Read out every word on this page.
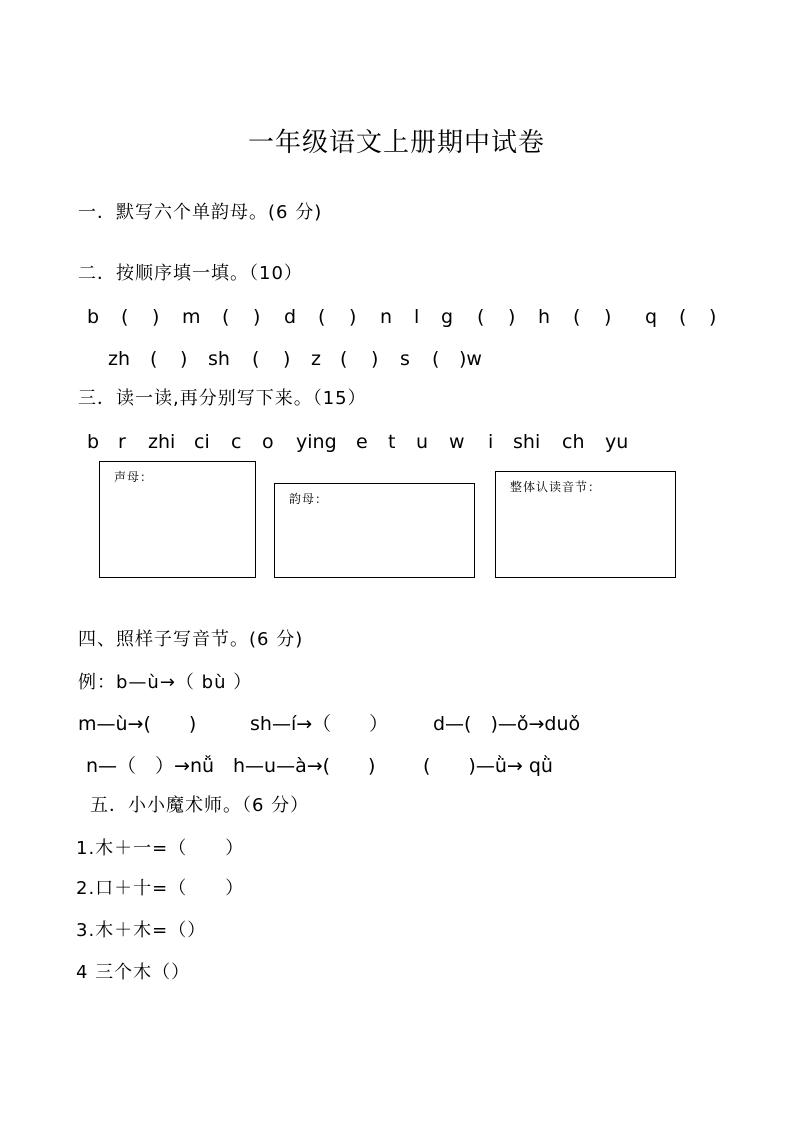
一年级语文上册期中试卷
一．默写六个单韵母。(6 分)
二．按顺序填一填。（10）
b ( ) m ( ) d ( ) n l g ( ) h ( ) q ( )
zh ( ) sh ( ) z ( ) s ( )w
三．读一读,再分别写下来。（15）
b r zhi ci c o ying e t u w i shi ch yu
声母：
韵母：
整体认读音节：
四、照样子写音节。(6 分)
例：b—ù→（ bù ）
m—ù→(　　)	sh—í→（　　） d—(　)—ǒ→duǒ
n—（　）→nǚ h—u—à→(　　)	(　　)—ǜ→ qǜ
五．小小魔术师。（6 分）
1.木＋一=（　　）
2.口＋十=（　　）
3.木＋木=（）
4 三个木（）
